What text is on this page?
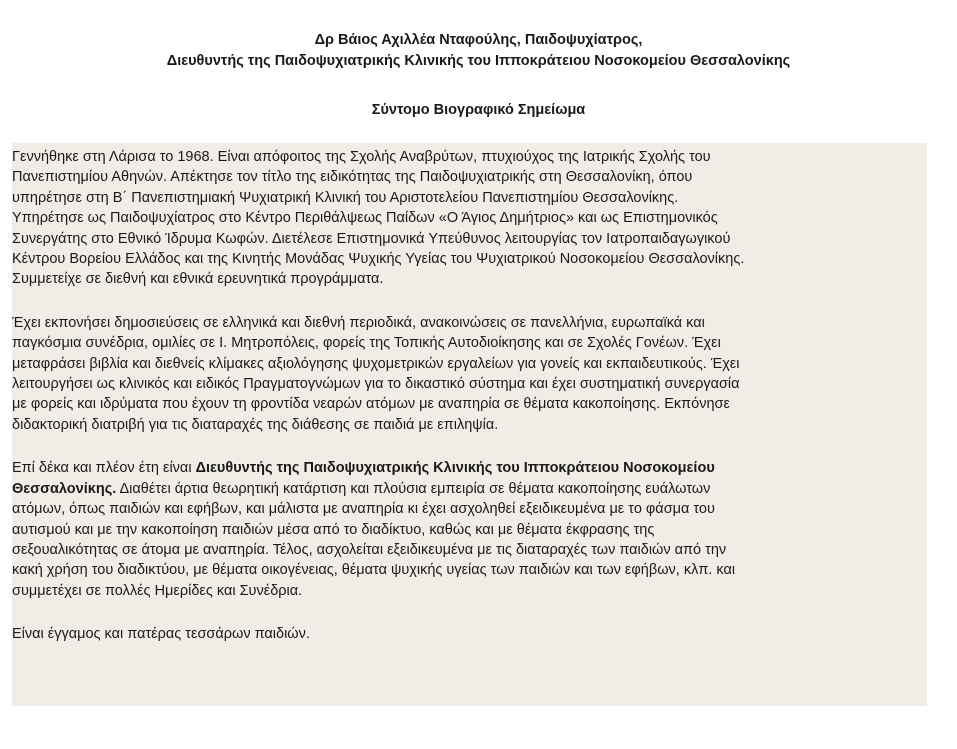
Δρ Βάιος Αχιλλέα Νταφούλης, Παιδοψυχίατρος,
Διευθυντής της Παιδοψυχιατρικής Κλινικής του Ιπποκράτειου Νοσοκομείου Θεσσαλονίκης
Σύντομο Βιογραφικό Σημείωμα

Γεννήθηκε στη Λάρισα το 1968. Είναι απόφοιτος της Σχολής Αναβρύτων, πτυχιούχος της Ιατρικής Σχολής του
Πανεπιστημίου Αθηνών. Απέκτησε τον τίτλο της ειδικότητας της Παιδοψυχιατρικής στη Θεσσαλονίκη, όπου
υπηρέτησε στη Β΄ Πανεπιστημιακή Ψυχιατρική Κλινική του Αριστοτελείου Πανεπιστημίου Θεσσαλονίκης.
Υπηρέτησε ως Παιδοψυχίατρος στο Κέντρο Περιθάλψεως Παίδων «Ο Άγιος Δημήτριος» και ως Επιστημονικός
Συνεργάτης στο Εθνικό Ίδρυμα Κωφών. Διετέλεσε Επιστημονικά Υπεύθυνος λειτουργίας τον Ιατροπαιδαγωγικού
Κέντρου Βορείου Ελλάδος και της Κινητής Μονάδας Ψυχικής Υγείας του Ψυχιατρικού Νοσοκομείου Θεσσαλονίκης.
Συμμετείχε σε διεθνή και εθνικά ερευνητικά προγράμματα.

Έχει εκπονήσει δημοσιεύσεις σε ελληνικά και διεθνή περιοδικά, ανακοινώσεις σε πανελλήνια, ευρωπαϊκά και
παγκόσμια συνέδρια, ομιλίες σε Ι. Μητροπόλεις, φορείς της Τοπικής Αυτοδιοίκησης και σε Σχολές Γονέων. Έχει
μεταφράσει βιβλία και διεθνείς κλίμακες αξιολόγησης ψυχομετρικών εργαλείων για γονείς και εκπαιδευτικούς. Έχει
λειτουργήσει ως κλινικός και ειδικός Πραγματογνώμων για το δικαστικό σύστημα και έχει συστηματική συνεργασία
με φορείς και ιδρύματα που έχουν τη φροντίδα νεαρών ατόμων με αναπηρία σε θέματα κακοποίησης. Εκπόνησε
διδακτορική διατριβή για τις διαταραχές της διάθεσης σε παιδιά με επιληψία.

Επί δέκα και πλέον έτη είναι Διευθυντής της Παιδοψυχιατρικής Κλινικής του Ιπποκράτειου Νοσοκομείου
Θεσσαλονίκης. Διαθέτει άρτια θεωρητική κατάρτιση και πλούσια εμπειρία σε θέματα κακοποίησης ευάλωτων
ατόμων, όπως παιδιών και εφήβων, και μάλιστα με αναπηρία κι έχει ασχοληθεί εξειδικευμένα με το φάσμα του
αυτισμού και με την κακοποίηση παιδιών μέσα από το διαδίκτυο, καθώς και με θέματα έκφρασης της
σεξουαλικότητας σε άτομα με αναπηρία. Τέλος, ασχολείται εξειδικευμένα με τις διαταραχές των παιδιών από την
κακή χρήση του διαδικτύου, με θέματα οικογένειας, θέματα ψυχικής υγείας των παιδιών και των εφήβων, κλπ. και
συμμετέχει σε πολλές Ημερίδες και Συνέδρια.

Είναι έγγαμος και πατέρας τεσσάρων παιδιών.
